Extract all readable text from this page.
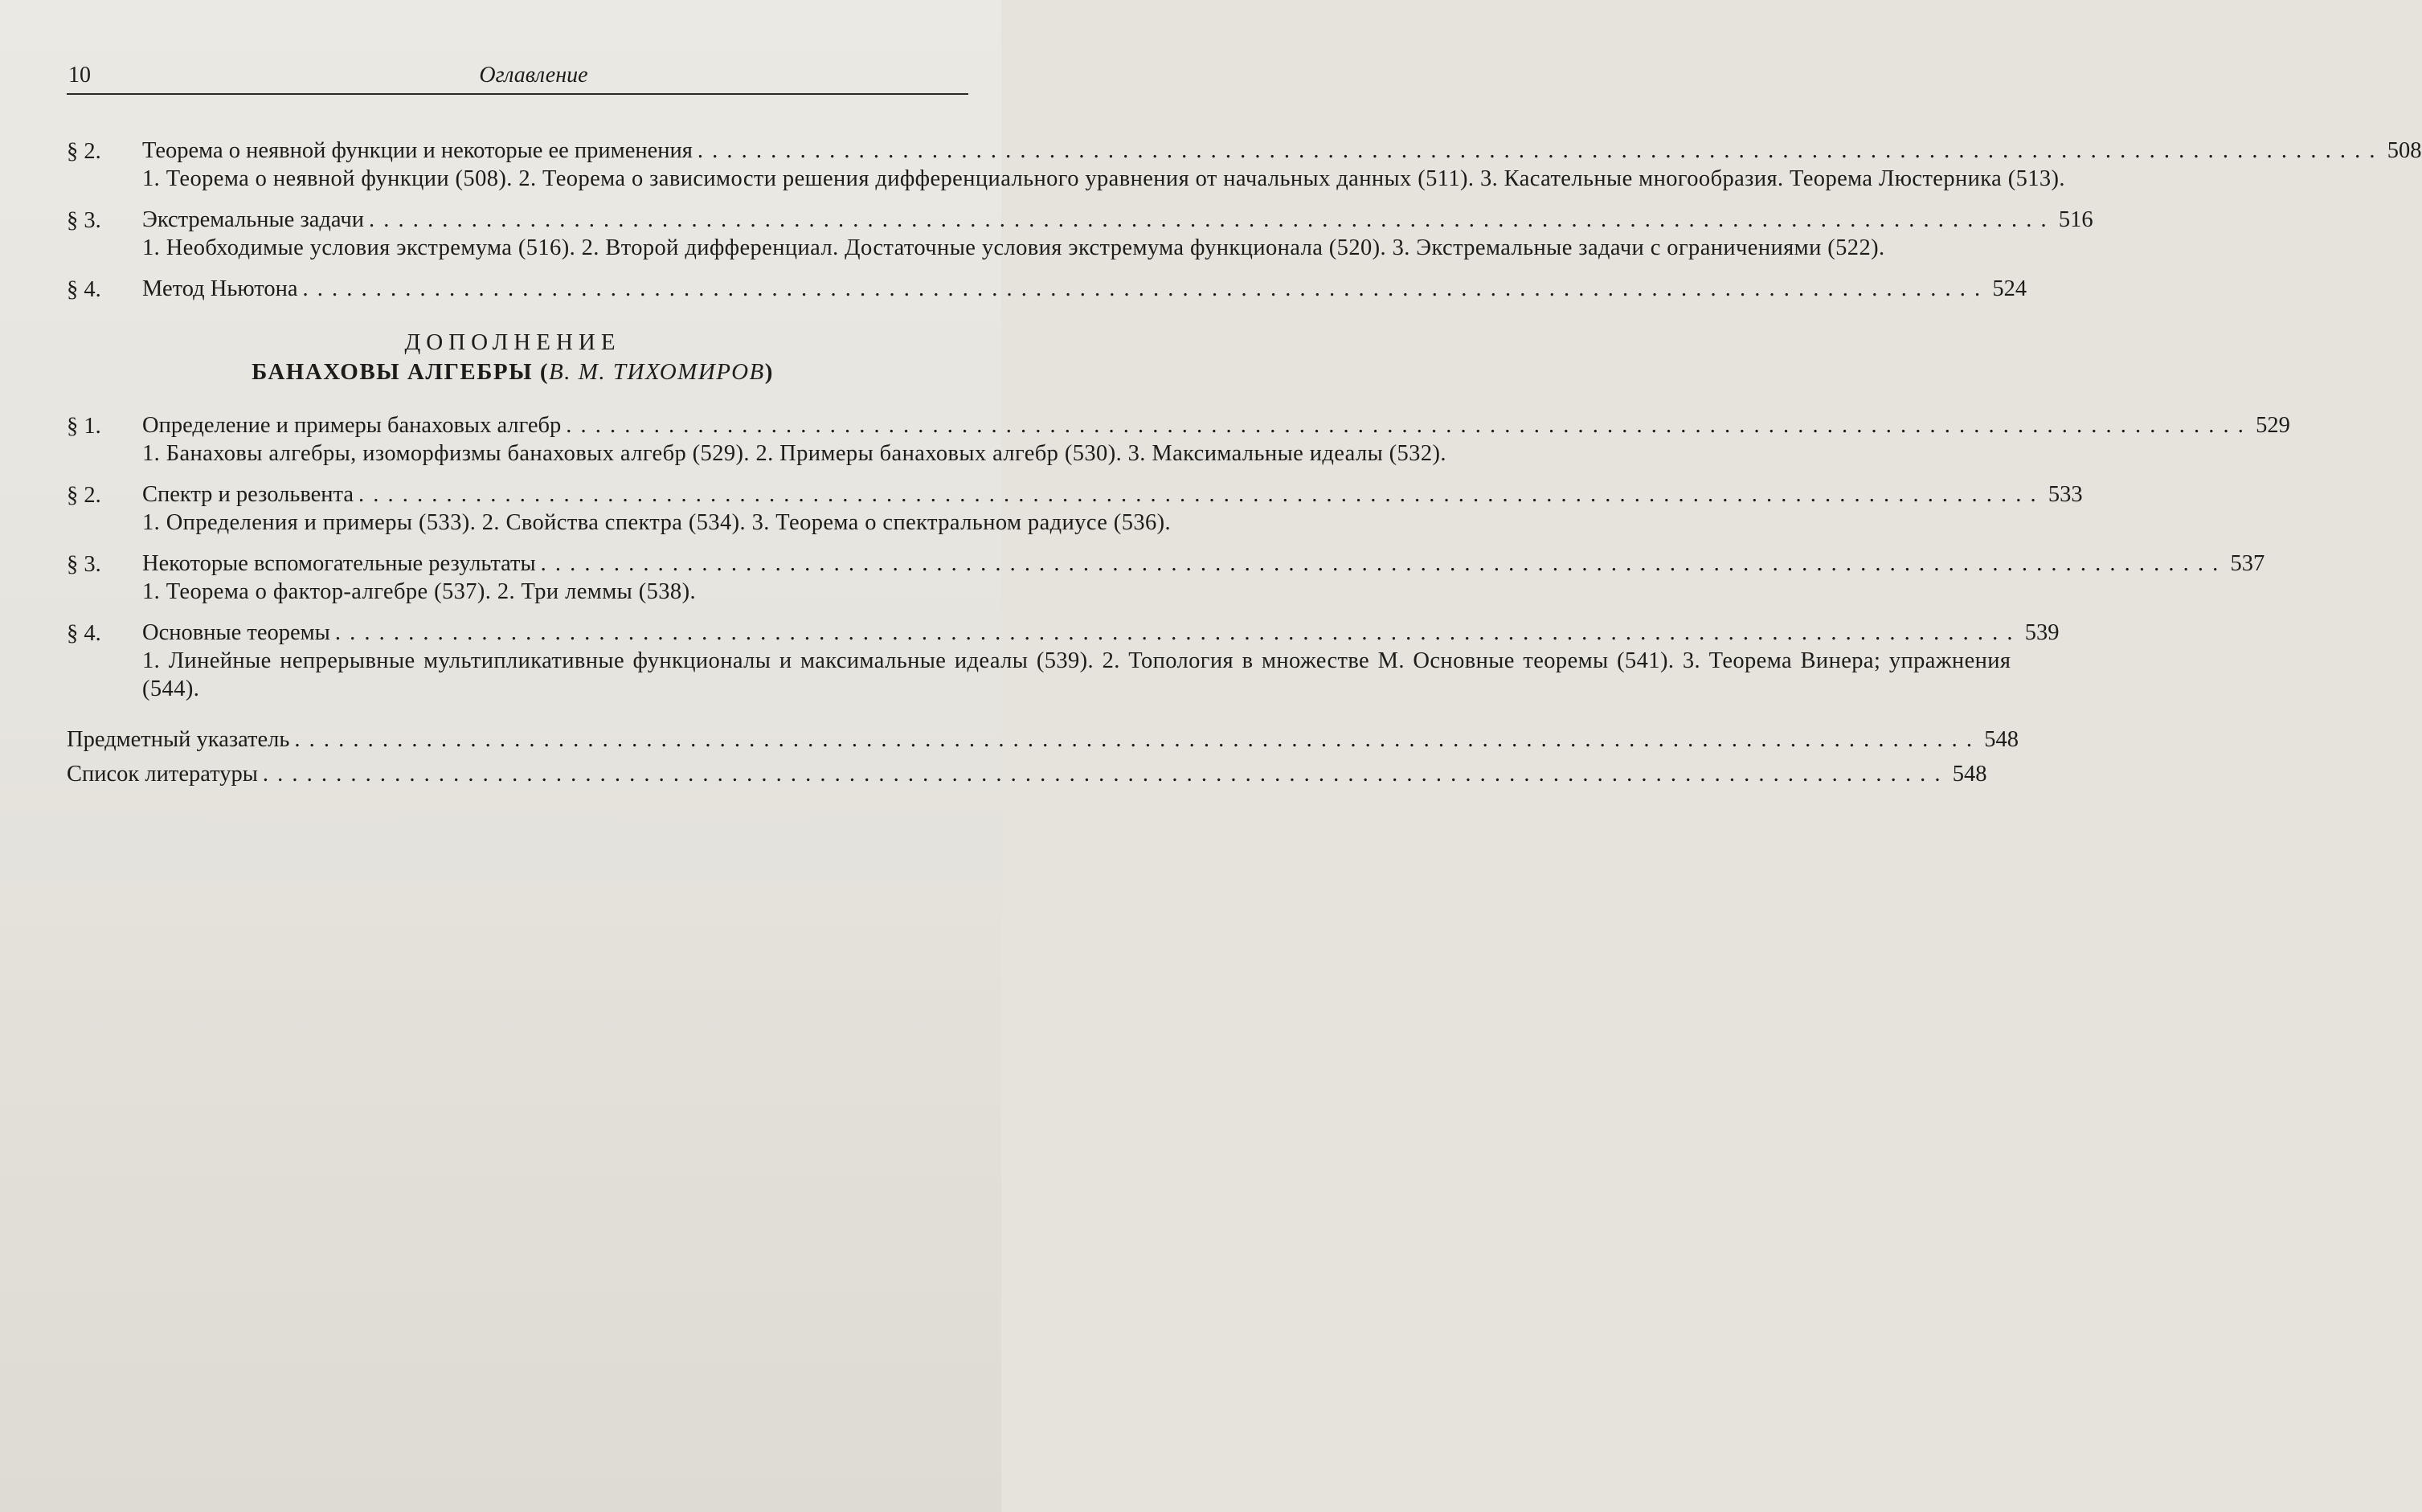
10	Оглавление
§ 2.	Теорема о неявной функции и некоторые ее применения . . .	508
1. Теорема о неявной функции (508). 2. Теорема о зависимости решения дифференциального уравнения от начальных данных (511). 3. Касательные многообразия. Теорема Люстерника (513).
§ 3.	Экстремальные задачи . . .	516
1. Необходимые условия экстремума (516). 2. Второй дифференциал. Достаточные условия экстремума функционала (520). 3. Экстремальные задачи с ограничениями (522).
§ 4.	Метод Ньютона . . .	524
ДОПОЛНЕНИЕ
БАНАХОВЫ АЛГЕБРЫ (В. М. ТИХОМИРОВ)
§ 1.	Определение и примеры банаховых алгебр . . .	529
1. Банаховы алгебры, изоморфизмы банаховых алгебр (529). 2. Примеры банаховых алгебр (530). 3. Максимальные идеалы (532).
§ 2.	Спектр и резольвента . . .	533
1. Определения и примеры (533). 2. Свойства спектра (534). 3. Теорема о спектральном радиусе (536).
§ 3.	Некоторые вспомогательные результаты . . .	537
1. Теорема о фактор-алгебре (537). 2. Три леммы (538).
§ 4.	Основные теоремы . . .	539
1. Линейные непрерывные мультипликативные функционалы и максимальные идеалы (539). 2. Топология в множестве M. Основные теоремы (541). 3. Теорема Винера; упражнения (544).
Предметный указатель . . .	548
Список литературы . . .	548
